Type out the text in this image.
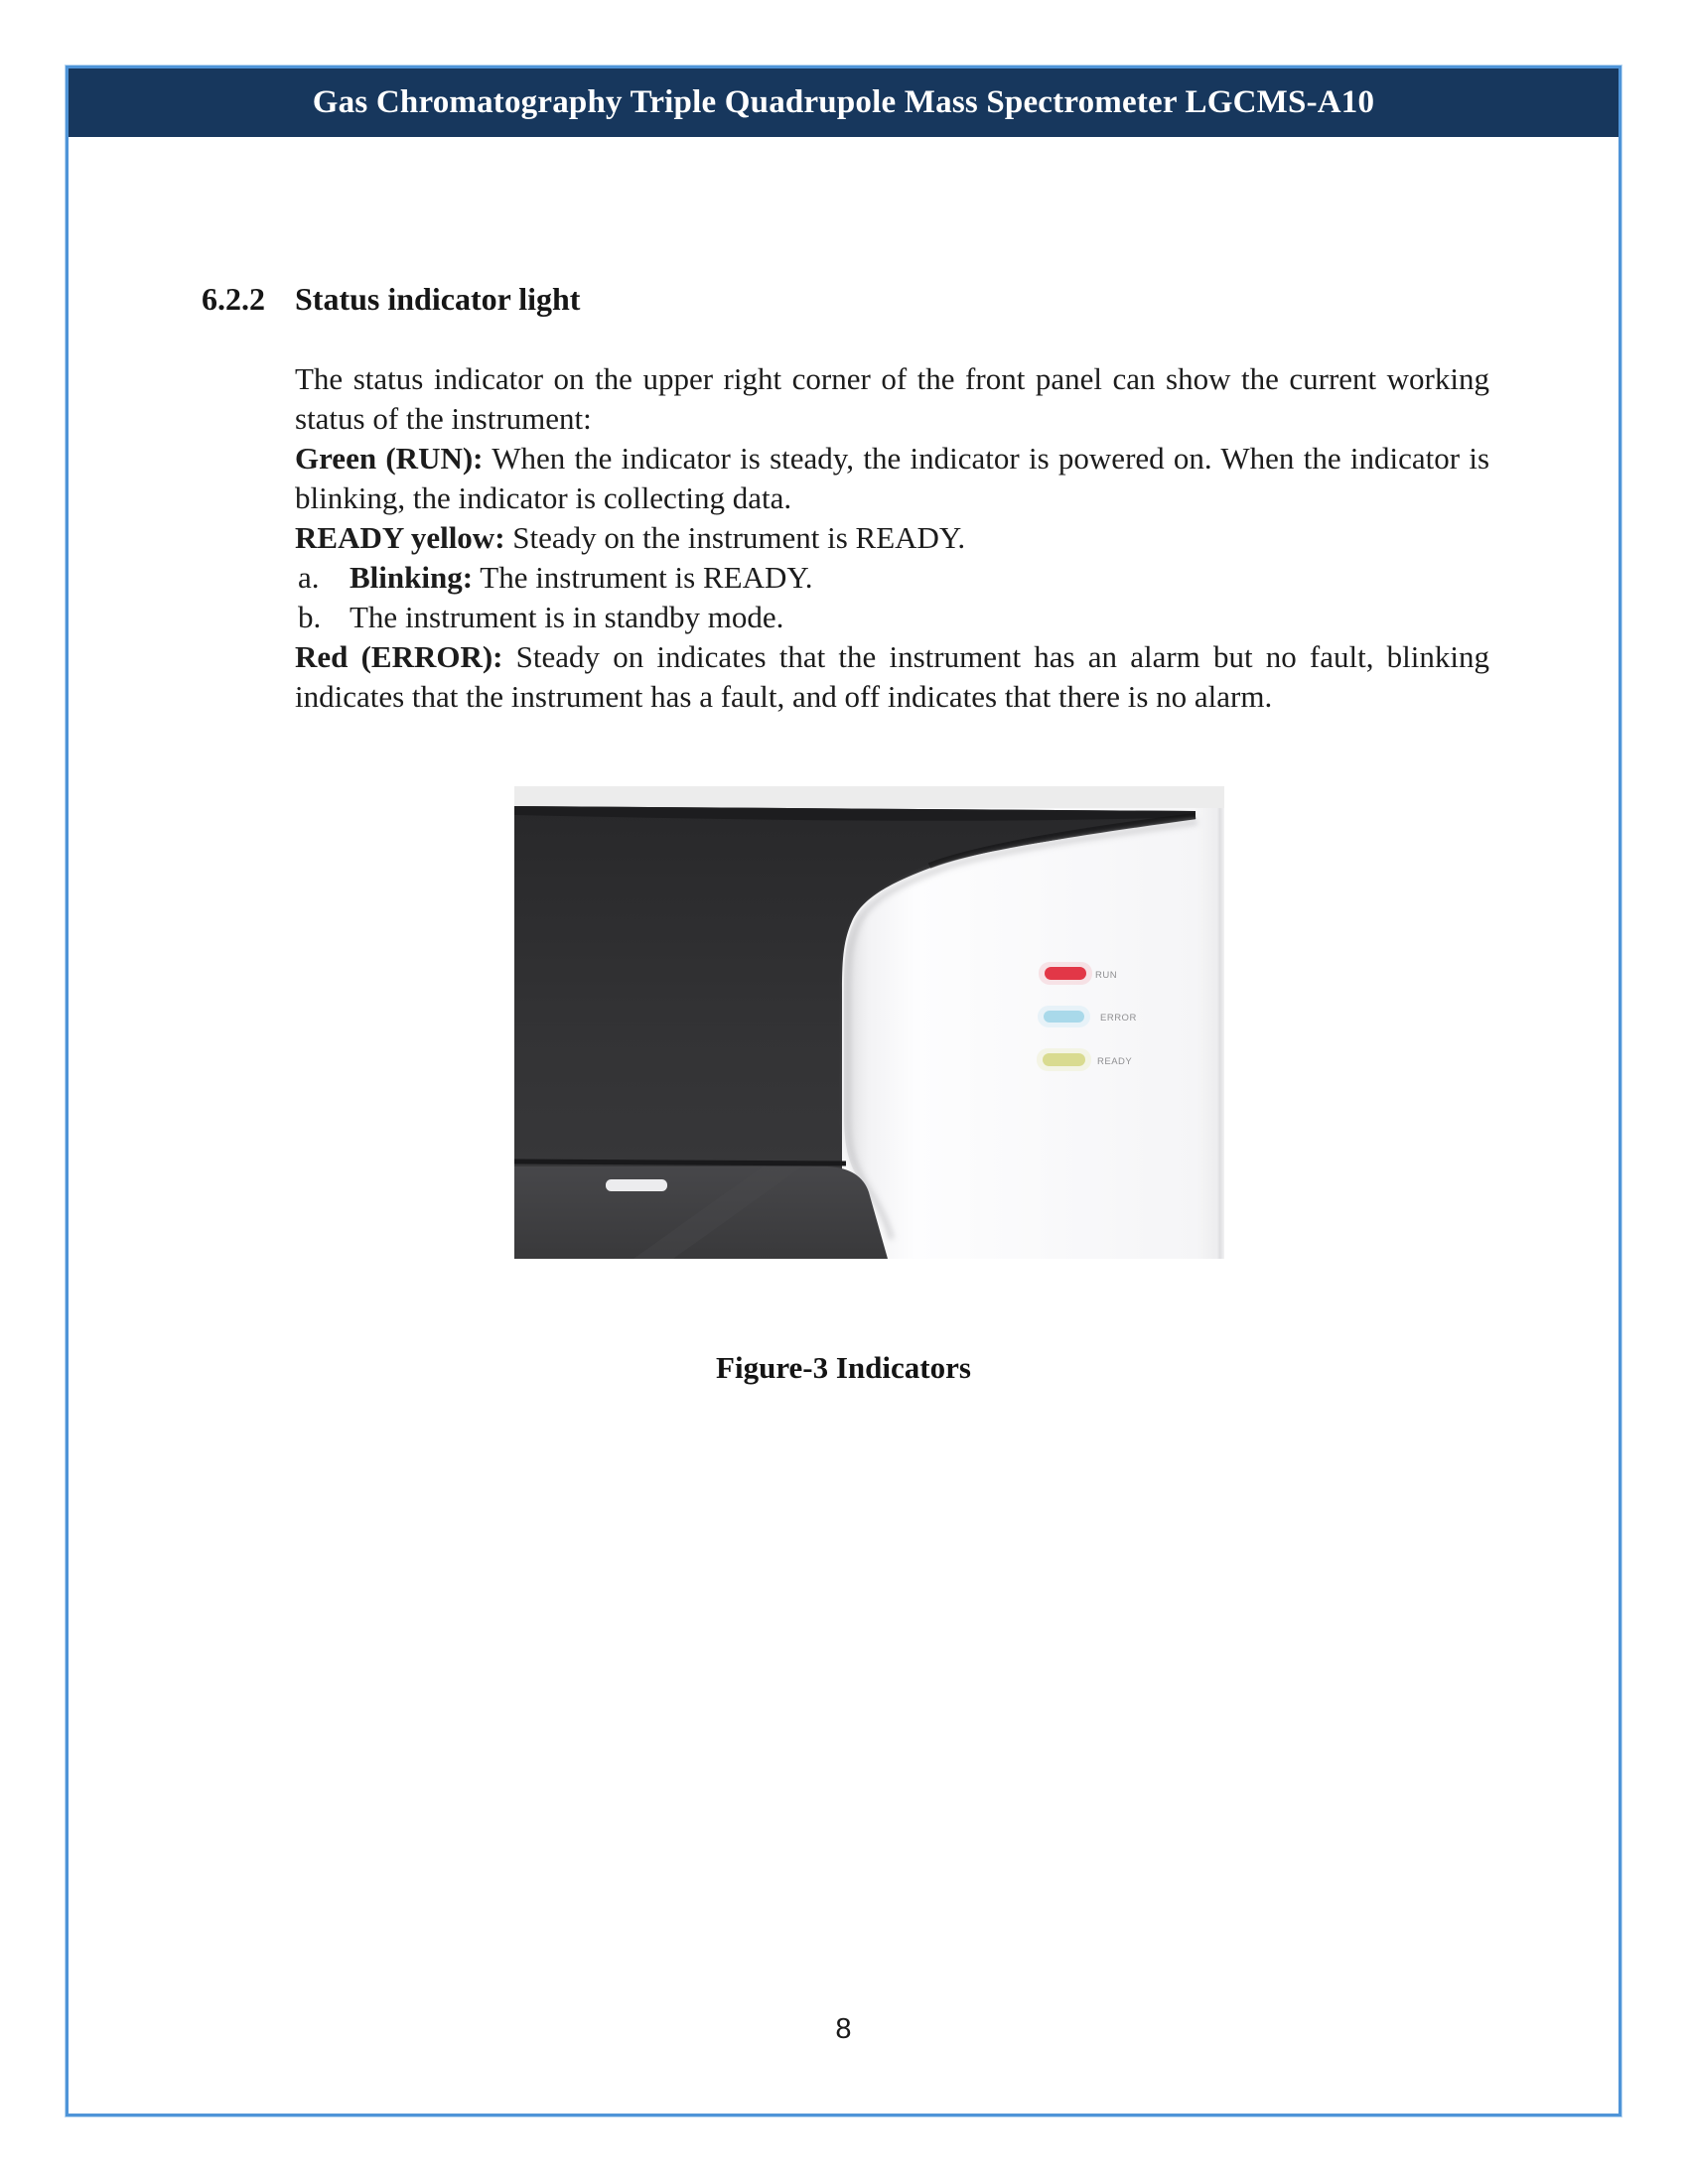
Gas Chromatography Triple Quadrupole Mass Spectrometer LGCMS-A10
6.2.2 Status indicator light

The status indicator on the upper right corner of the front panel can show the current working status of the instrument:

Green (RUN): When the indicator is steady, the indicator is powered on. When the indicator is blinking, the indicator is collecting data.

READY yellow: Steady on the instrument is READY.

a. Blinking: The instrument is READY.
b. The instrument is in standby mode.

Red (ERROR): Steady on indicates that the instrument has an alarm but no fault, blinking indicates that the instrument has a fault, and off indicates that there is no alarm.

RUN
ERROR
READY
Figure-3 Indicators
8
